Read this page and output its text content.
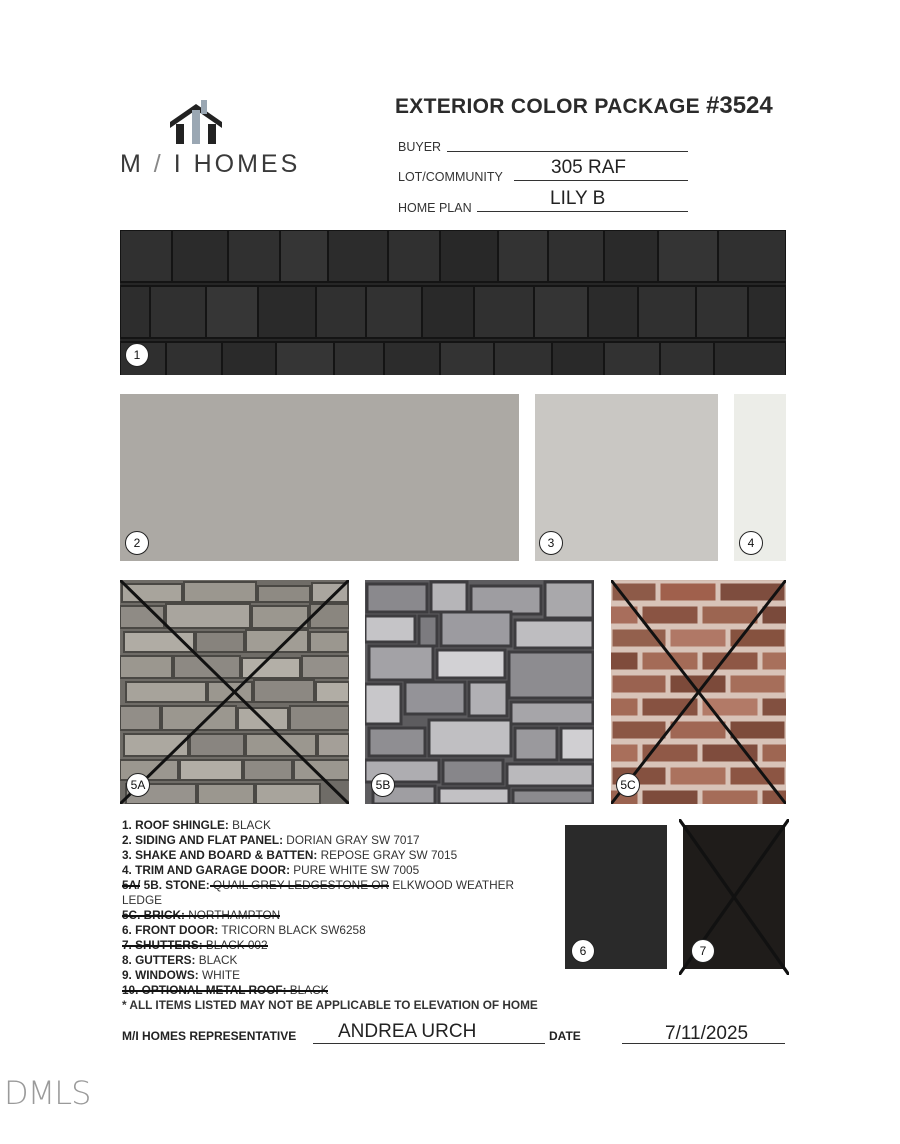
M / I HOMES
EXTERIOR COLOR PACKAGE #3524
BUYER
LOT/COMMUNITY	305 RAF
HOME PLAN	LILY B
1
2	3	4
5A	5B	5C
6	7
1. ROOF SHINGLE: BLACK
2. SIDING AND FLAT PANEL: DORIAN GRAY SW 7017
3. SHAKE AND BOARD & BATTEN: REPOSE GRAY SW 7015
4. TRIM AND GARAGE DOOR: PURE WHITE SW 7005
5A/ 5B. STONE: QUAIL GREY LEDGESTONE OR ELKWOOD WEATHER LEDGE
5C. BRICK: NORTHAMPTON
6. FRONT DOOR: TRICORN BLACK SW6258
7. SHUTTERS: BLACK 002
8. GUTTERS: BLACK
9. WINDOWS: WHITE
10. OPTIONAL METAL ROOF: BLACK
* ALL ITEMS LISTED MAY NOT BE APPLICABLE TO ELEVATION OF HOME
M/I HOMES REPRESENTATIVE ANDREA URCH	DATE	7/11/2025
DMLS
